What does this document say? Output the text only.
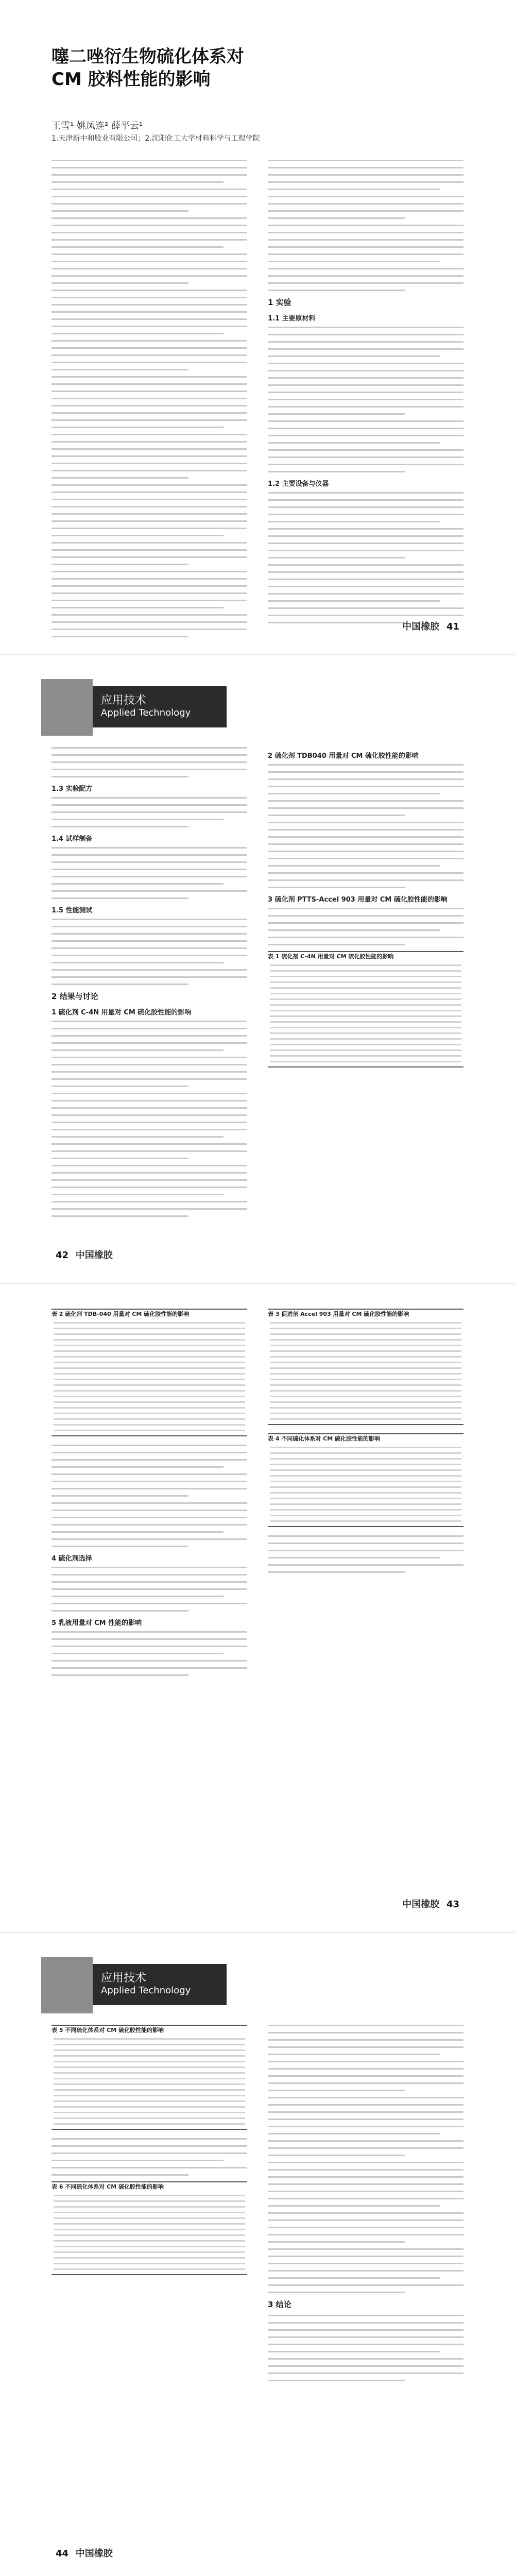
噻二唑衍生物硫化体系对
CM 胶料性能的影响
王雪¹ 姚凤连² 薛平云¹
1.天津新中和股业有限公司；2.沈阳化工大学材料科学与工程学院
1 实验
1.1 主要原材料
1.2 主要设备与仪器
中国橡胶 41
应用技术
Applied Technology
1.3 实验配方
1.4 试样制备
1.5 性能测试
2 结果与讨论
1 硫化剂 C-4N 用量对 CM 硫化胶性能的影响
2 硫化剂 TDB040 用量对 CM 硫化胶性能的影响
3 硫化剂 PTTS-Accel 903 用量对 CM 硫化胶性能的影响
表 1 硫化剂 C-4N 用量对 CM 硫化胶性能的影响
42 中国橡胶
表 2 硫化剂 TDB-040 用量对 CM 硫化胶性能的影响
4 硫化剂选择
5 乳液用量对 CM 性能的影响
表 3 促进剂 Accel 903 用量对 CM 硫化胶性能的影响
表 4 不同硫化体系对 CM 硫化胶性能的影响
中国橡胶 43
应用技术
Applied Technology
表 5 不同硫化体系对 CM 硫化胶性能的影响
表 6 不同硫化体系对 CM 硫化胶性能的影响
3 结论
44 中国橡胶
